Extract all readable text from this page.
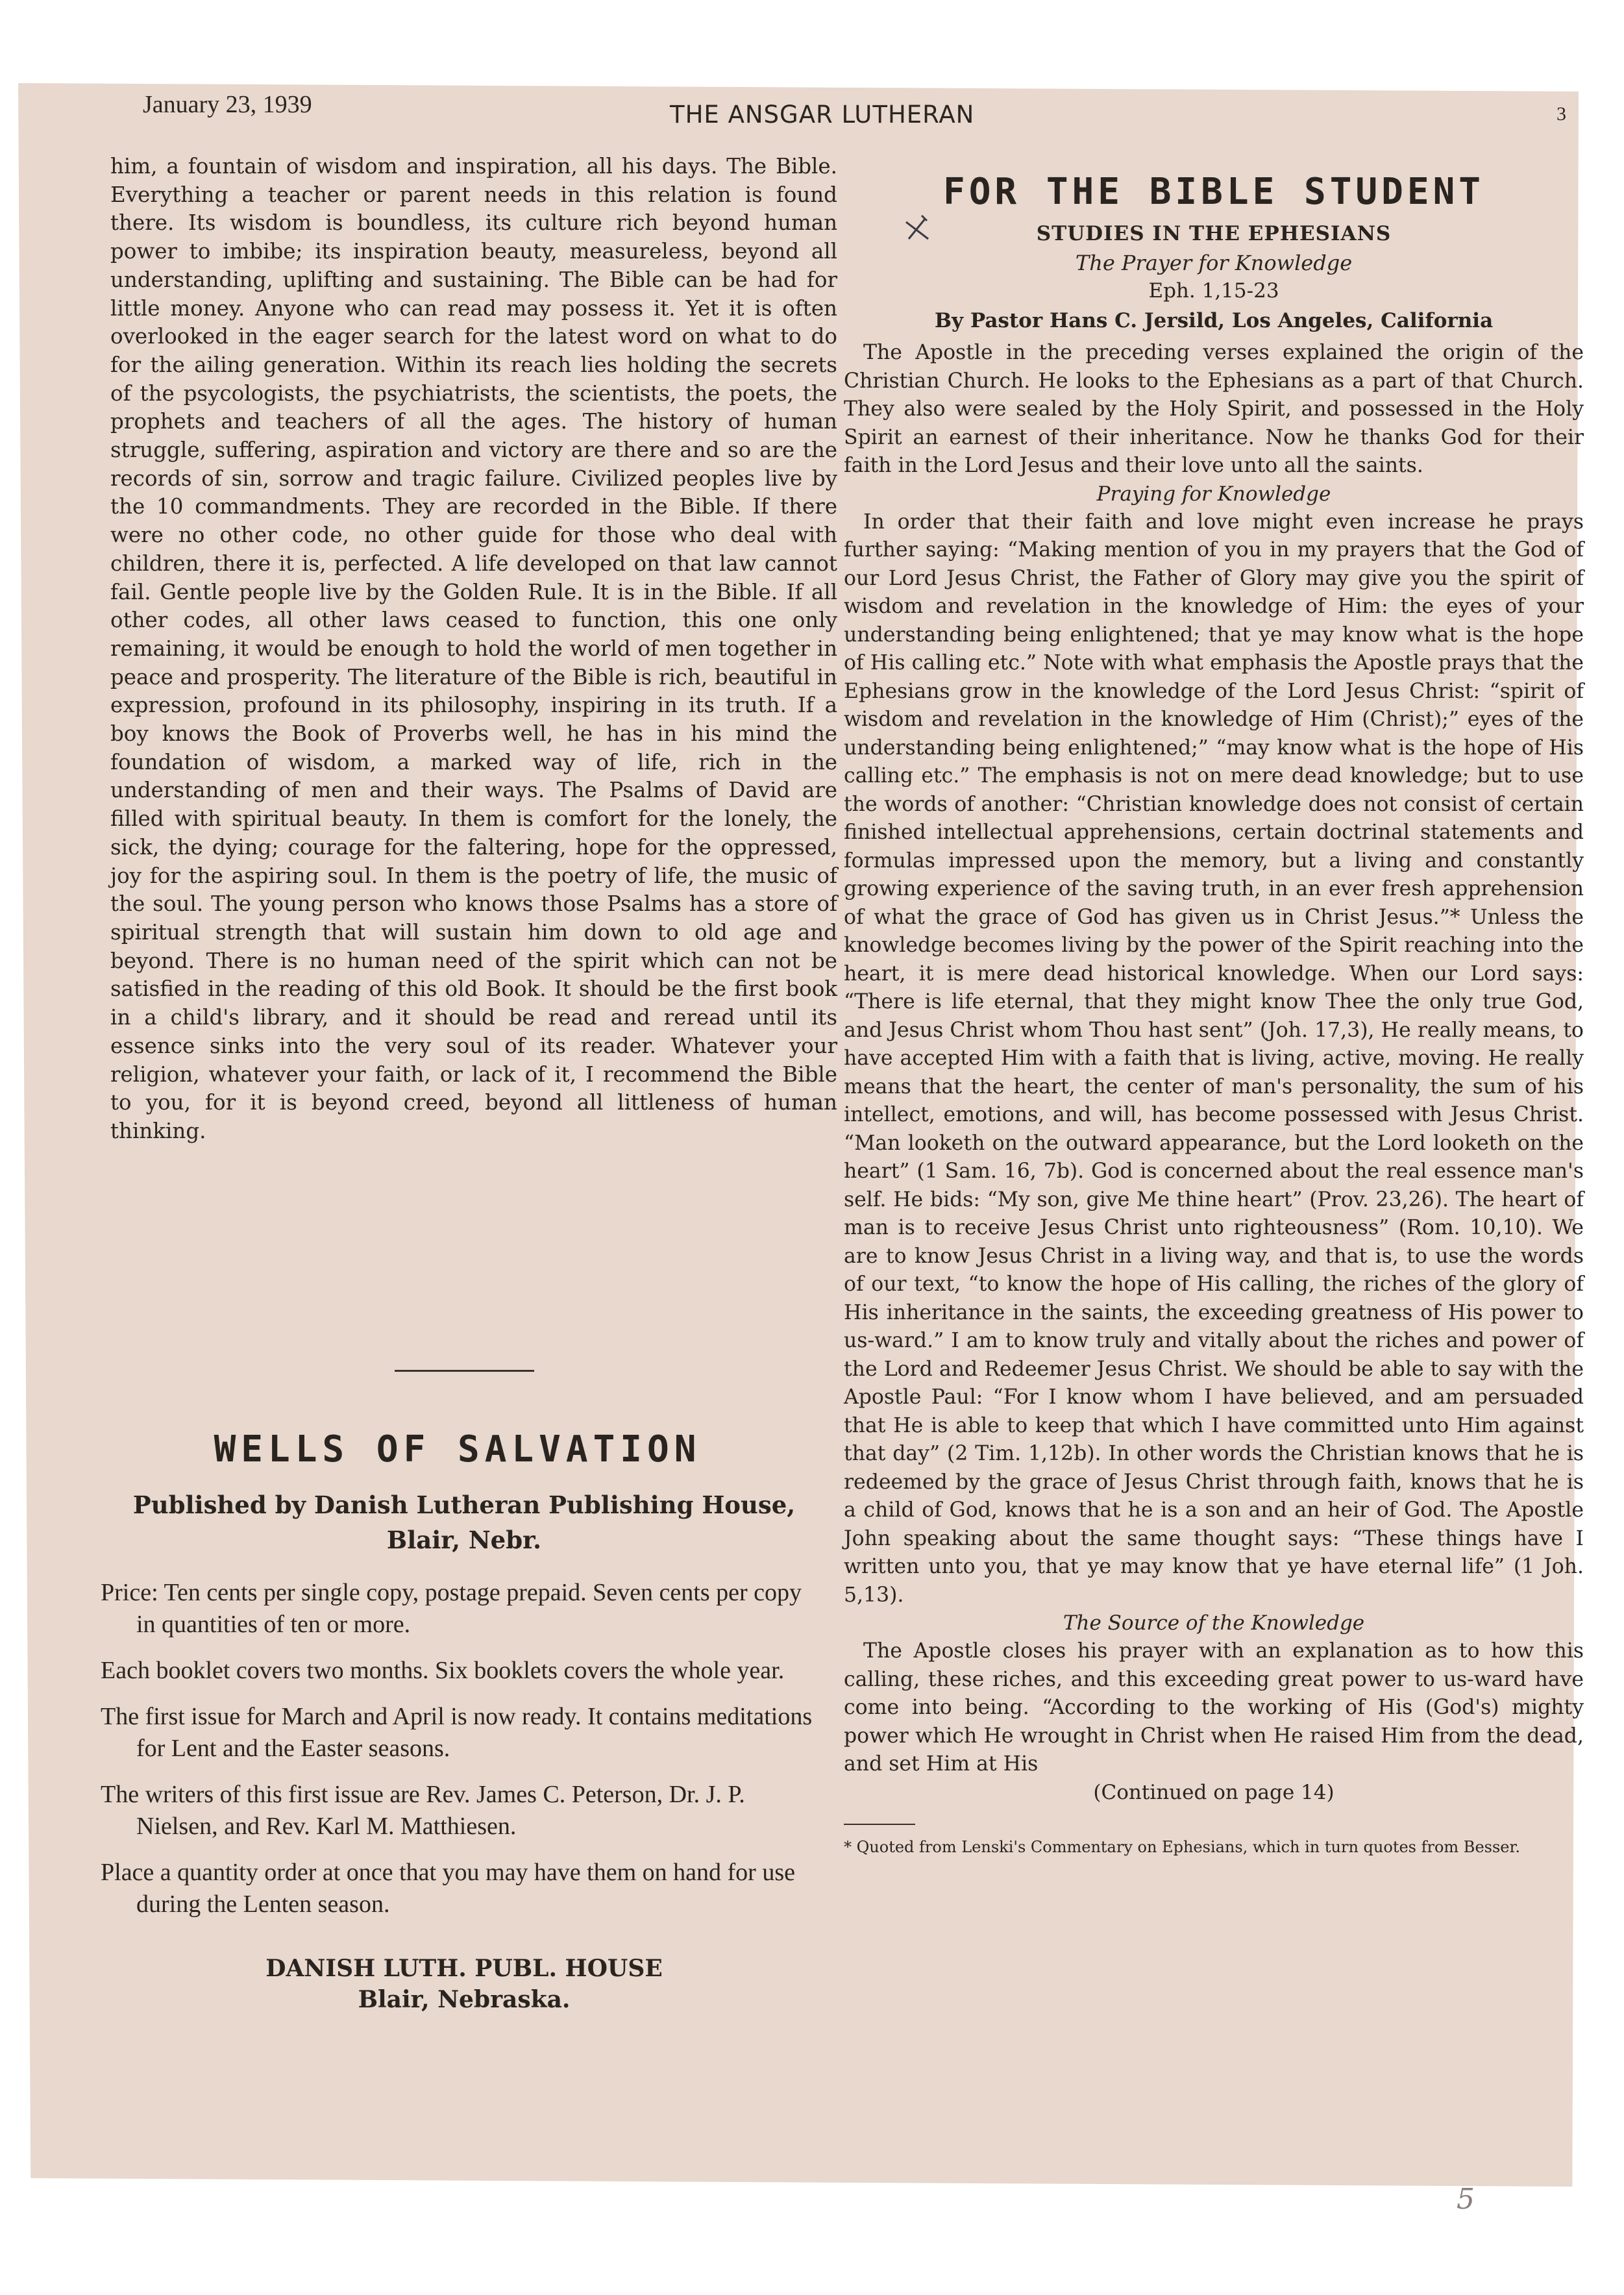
January 23, 1939	THE ANSGAR LUTHERAN	3

him, a fountain of wisdom and inspiration, all his days. The Bible. Everything a teacher or parent needs in this relation is found there. Its wisdom is boundless, its culture rich beyond human power to imbibe; its inspiration beauty, measureless, beyond all understanding, uplifting and sustaining. The Bible can be had for little money. Anyone who can read may possess it. Yet it is often overlooked in the eager search for the latest word on what to do for the ailing generation. Within its reach lies holding the secrets of the psycologists, the psychiatrists, the scientists, the poets, the prophets and teachers of all the ages. The history of human struggle, suffering, aspiration and victory are there and so are the records of sin, sorrow and tragic failure. Civilized peoples live by the 10 commandments. They are recorded in the Bible. If there were no other code, no other guide for those who deal with children, there it is, perfected. A life developed on that law cannot fail. Gentle people live by the Golden Rule. It is in the Bible. If all other codes, all other laws ceased to function, this one only remaining, it would be enough to hold the world of men together in peace and prosperity. The literature of the Bible is rich, beautiful in expression, profound in its philosophy, inspiring in its truth. If a boy knows the Book of Proverbs well, he has in his mind the foundation of wisdom, a marked way of life, rich in the understanding of men and their ways. The Psalms of David are filled with spiritual beauty. In them is comfort for the lonely, the sick, the dying; courage for the faltering, hope for the oppressed, joy for the aspiring soul. In them is the poetry of life, the music of the soul. The young person who knows those Psalms has a store of spiritual strength that will sustain him down to old age and beyond. There is no human need of the spirit which can not be satisfied in the reading of this old Book. It should be the first book in a child's library, and it should be read and reread until its essence sinks into the very soul of its reader. Whatever your religion, whatever your faith, or lack of it, I recommend the Bible to you, for it is beyond creed, beyond all littleness of human thinking.

WELLS OF SALVATION

Published by Danish Lutheran Publishing House,
Blair, Nebr.

Price: Ten cents per single copy, postage prepaid. Seven cents per copy in quantities of ten or more.

Each booklet covers two months. Six booklets covers the whole year.

The first issue for March and April is now ready. It contains meditations for Lent and the Easter seasons.

The writers of this first issue are Rev. James C. Peterson, Dr. J. P. Nielsen, and Rev. Karl M. Matthiesen.

Place a quantity order at once that you may have them on hand for use during the Lenten season.

DANISH LUTH. PUBL. HOUSE
Blair, Nebraska.

FOR THE BIBLE STUDENT

STUDIES IN THE EPHESIANS

The Prayer for Knowledge

Eph. 1,15-23

By Pastor Hans C. Jersild, Los Angeles, California

The Apostle in the preceding verses explained the origin of the Christian Church. He looks to the Ephesians as a part of that Church. They also were sealed by the Holy Spirit, and possessed in the Holy Spirit an earnest of their inheritance. Now he thanks God for their faith in the Lord Jesus and their love unto all the saints.

Praying for Knowledge

In order that their faith and love might even increase he prays further saying: “Making mention of you in my prayers that the God of our Lord Jesus Christ, the Father of Glory may give you the spirit of wisdom and revelation in the knowledge of Him: the eyes of your understanding being enlightened; that ye may know what is the hope of His calling etc.” Note with what emphasis the Apostle prays that the Ephesians grow in the knowledge of the Lord Jesus Christ: “spirit of wisdom and revelation in the knowledge of Him (Christ);” eyes of the understanding being enlightened;” “may know what is the hope of His calling etc.” The emphasis is not on mere dead knowledge; but to use the words of another: “Christian knowledge does not consist of certain finished intellectual apprehensions, certain doctrinal statements and formulas impressed upon the memory, but a living and constantly growing experience of the saving truth, in an ever fresh apprehension of what the grace of God has given us in Christ Jesus.”* Unless the knowledge becomes living by the power of the Spirit reaching into the heart, it is mere dead historical knowledge. When our Lord says: “There is life eternal, that they might know Thee the only true God, and Jesus Christ whom Thou hast sent” (Joh. 17,3), He really means, to have accepted Him with a faith that is living, active, moving. He really means that the heart, the center of man's personality, the sum of his intellect, emotions, and will, has become possessed with Jesus Christ. “Man looketh on the outward appearance, but the Lord looketh on the heart” (1 Sam. 16, 7b). God is concerned about the real essence man's self. He bids: “My son, give Me thine heart” (Prov. 23,26). The heart of man is to receive Jesus Christ unto righteousness” (Rom. 10,10). We are to know Jesus Christ in a living way, and that is, to use the words of our text, “to know the hope of His calling, the riches of the glory of His inheritance in the saints, the exceeding greatness of His power to us-ward.” I am to know truly and vitally about the riches and power of the Lord and Redeemer Jesus Christ. We should be able to say with the Apostle Paul: “For I know whom I have believed, and am persuaded that He is able to keep that which I have committed unto Him against that day” (2 Tim. 1,12b). In other words the Christian knows that he is redeemed by the grace of Jesus Christ through faith, knows that he is a child of God, knows that he is a son and an heir of God. The Apostle John speaking about the same thought says: “These things have I written unto you, that ye may know that ye have eternal life” (1 Joh. 5,13).

The Source of the Knowledge

The Apostle closes his prayer with an explanation as to how this calling, these riches, and this exceeding great power to us-ward have come into being. “According to the working of His (God's) mighty power which He wrought in Christ when He raised Him from the dead, and set Him at His

(Continued on page 14)

* Quoted from Lenski's Commentary on Ephesians, which in turn quotes from Besser.

5
